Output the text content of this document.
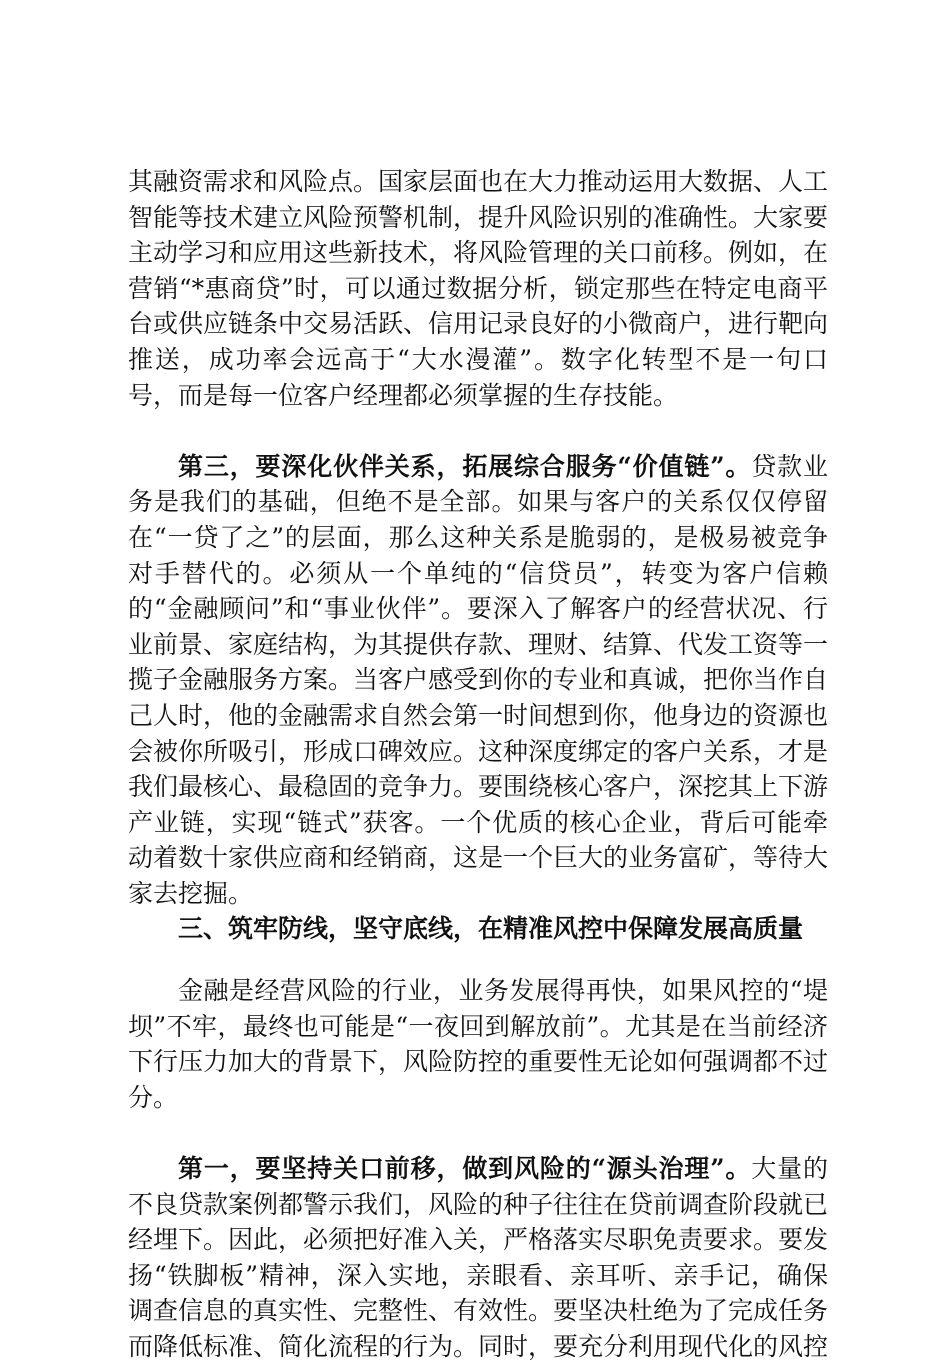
其融资需求和风险点。国家层面也在大力推动运用大数据、人工智能等技术建立风险预警机制，提升风险识别的准确性。大家要主动学习和应用这些新技术，将风险管理的关口前移。例如，在营销“*惠商贷”时，可以通过数据分析，锁定那些在特定电商平台或供应链条中交易活跃、信用记录良好的小微商户，进行靶向推送，成功率会远高于“大水漫灌”。数字化转型不是一句口号，而是每一位客户经理都必须掌握的生存技能。

第三，要深化伙伴关系，拓展综合服务“价值链”。贷款业务是我们的基础，但绝不是全部。如果与客户的关系仅仅停留在“一贷了之”的层面，那么这种关系是脆弱的，是极易被竞争对手替代的。必须从一个单纯的“信贷员”，转变为客户信赖的“金融顾问”和“事业伙伴”。要深入了解客户的经营状况、行业前景、家庭结构，为其提供存款、理财、结算、代发工资等一揽子金融服务方案。当客户感受到你的专业和真诚，把你当作自己人时，他的金融需求自然会第一时间想到你，他身边的资源也会被你所吸引，形成口碑效应。这种深度绑定的客户关系，才是我们最核心、最稳固的竞争力。要围绕核心客户，深挖其上下游产业链，实现“链式”获客。一个优质的核心企业，背后可能牵动着数十家供应商和经销商，这是一个巨大的业务富矿，等待大家去挖掘。

三、筑牢防线，坚守底线，在精准风控中保障发展高质量

金融是经营风险的行业，业务发展得再快，如果风控的“堤坝”不牢，最终也可能是“一夜回到解放前”。尤其是在当前经济下行压力加大的背景下，风险防控的重要性无论如何强调都不过分。

第一，要坚持关口前移，做到风险的“源头治理”。大量的不良贷款案例都警示我们，风险的种子往往在贷前调查阶段就已经埋下。因此，必须把好准入关，严格落实尽职免责要求。要发扬“铁脚板”精神，深入实地，亲眼看、亲耳听、亲手记，确保调查信息的真实性、完整性、有效性。要坚决杜绝为了完成任务而降低标准、简化流程的行为。同时，要充分利用现代化的风控
